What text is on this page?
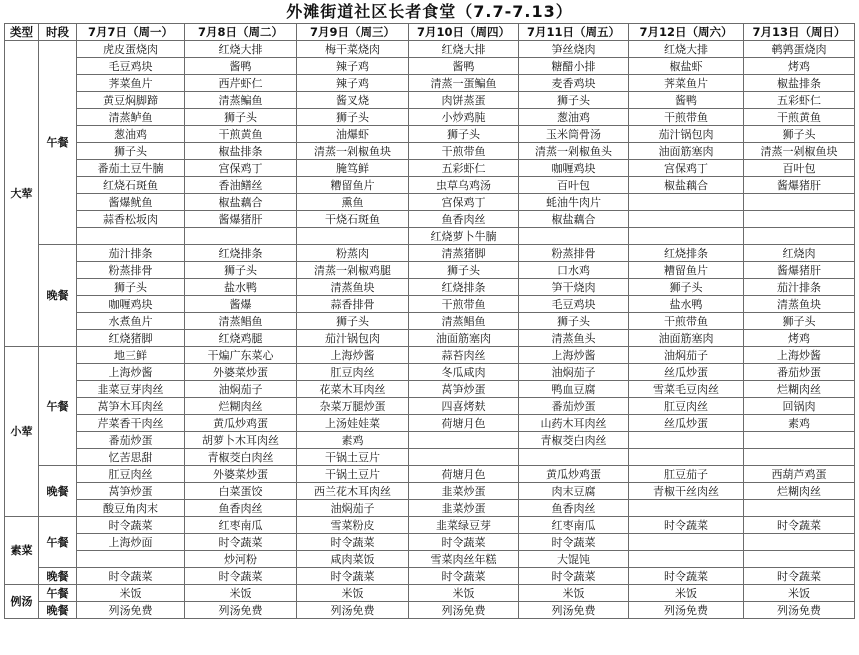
外滩街道社区长者食堂（7.7-7.13）
类型	时段	7月7日（周一）	7月8日（周二）	7月9日（周三）	7月10日（周四）	7月11日（周五）	7月12日（周六）	7月13日（周日）
大荤	午餐	虎皮蛋烧肉	红烧大排	梅干菜烧肉	红烧大排	笋丝烧肉	红烧大排	鹌鹑蛋烧肉
		毛豆鸡块	酱鸭	辣子鸡	酱鸭	糖醋小排	椒盐虾	烤鸡
		荠菜鱼片	西芹虾仁	辣子鸡	清蒸一蛋鳊鱼	麦香鸡块	荠菜鱼片	椒盐排条
		黄豆焖脚蹄	清蒸鳊鱼	酱叉烧	肉饼蒸蛋	狮子头	酱鸭	五彩虾仁
		清蒸鲈鱼	狮子头	狮子头	小炒鸡肫	葱油鸡	干煎带鱼	干煎黄鱼
		葱油鸡	干煎黄鱼	油爆虾	狮子头	玉米筒骨汤	茄汁锅包肉	狮子头
		狮子头	椒盐排条	清蒸一剁椒鱼块	干煎带鱼	清蒸一剁椒鱼头	油面筋塞肉	清蒸一剁椒鱼块
		番茄土豆牛腩	宫保鸡丁	腌笃鲜	五彩虾仁	咖喱鸡块	宫保鸡丁	百叶包
		红烧石斑鱼	香油鳝丝	糟留鱼片	虫草乌鸡汤	百叶包	椒盐藕合	酱爆猪肝
		酱爆鱿鱼	椒盐藕合	熏鱼	宫保鸡丁	蚝油牛肉片		
		蒜香松坂肉	酱爆猪肝	干烧石斑鱼	鱼香肉丝	椒盐藕合		
					红烧萝卜牛腩			
	晚餐	茄汁排条	红烧排条	粉蒸肉	清蒸猪脚	粉蒸排骨	红烧排条	红烧肉
		粉蒸排骨	狮子头	清蒸一剁椒鸡腿	狮子头	口水鸡	糟留鱼片	酱爆猪肝
		狮子头	盐水鸭	清蒸鱼块	红烧排条	笋干烧肉	狮子头	茄汁排条
		咖喱鸡块	酱爆	蒜香排骨	干煎带鱼	毛豆鸡块	盐水鸭	清蒸鱼块
		水煮鱼片	清蒸鲳鱼	狮子头	清蒸鲳鱼	狮子头	干煎带鱼	狮子头
		红烧猪脚	红烧鸡腿	茄汁锅包肉	油面筋塞肉	清蒸鱼头	油面筋塞肉	烤鸡
小荤	午餐	地三鲜	干煸广东菜心	上海炒酱	蒜苔肉丝	上海炒酱	油焖茄子	上海炒酱
		上海炒酱	外婆菜炒蛋	肛豆肉丝	冬瓜咸肉	油焖茄子	丝瓜炒蛋	番茄炒蛋
		韭菜豆芽肉丝	油焖茄子	花菜木耳肉丝	莴笋炒蛋	鸭血豆腐	雪菜毛豆肉丝	烂糊肉丝
		莴笋木耳肉丝	烂糊肉丝	杂菜万腿炒蛋	四喜烤麸	番茄炒蛋	肛豆肉丝	回锅肉
		芹菜香干肉丝	黄瓜炒鸡蛋	上汤娃娃菜	荷塘月色	山药木耳肉丝	丝瓜炒蛋	素鸡
		番茄炒蛋	胡萝卜木耳肉丝	素鸡		青椒茭白肉丝		
		忆苦思甜	青椒茭白肉丝	干锅土豆片				
	晚餐	肛豆肉丝	外婆菜炒蛋	干锅土豆片	荷塘月色	黄瓜炒鸡蛋	肛豆茄子	西葫芦鸡蛋
		莴笋炒蛋	白菜蛋饺	西兰花木耳肉丝	韭菜炒蛋	肉末豆腐	青椒干丝肉丝	烂糊肉丝
		酸豆角肉末	鱼香肉丝	油焖茄子	韭菜炒蛋	鱼香肉丝		
素菜	午餐	时令蔬菜	红枣南瓜	雪菜粉皮	韭菜绿豆芽	红枣南瓜	时令蔬菜	时令蔬菜
		上海炒面	时令蔬菜	时令蔬菜	时令蔬菜	时令蔬菜		
			炒河粉	咸肉菜饭	雪菜肉丝年糕	大馄饨		
	晚餐	时令蔬菜	时令蔬菜	时令蔬菜	时令蔬菜	时令蔬菜	时令蔬菜	时令蔬菜
例汤	午餐	米饭	米饭	米饭	米饭	米饭	米饭	米饭
	晚餐	列汤免费	列汤免费	列汤免费	列汤免费	列汤免费	列汤免费	列汤免费
